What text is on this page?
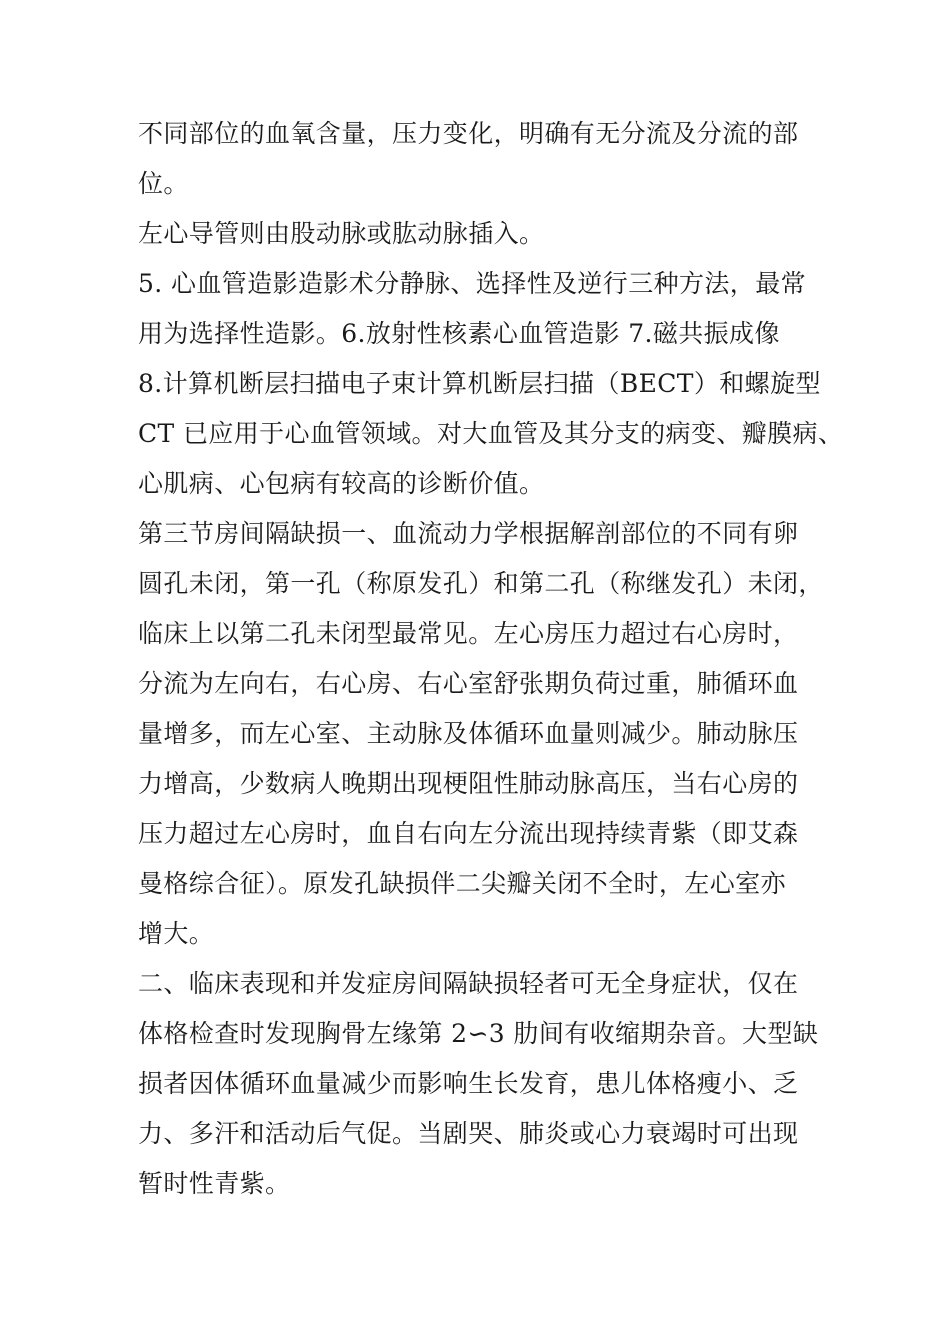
不同部位的血氧含量，压力变化，明确有无分流及分流的部
位。
左心导管则由股动脉或肱动脉插入。
5. 心血管造影造影术分静脉、选择性及逆行三种方法，最常
用为选择性造影。6.放射性核素心血管造影 7.磁共振成像
8.计算机断层扫描电子束计算机断层扫描（BECT）和螺旋型
CT 已应用于心血管领域。对大血管及其分支的病变、瓣膜病、
心肌病、心包病有较高的诊断价值。
第三节房间隔缺损一、血流动力学根据解剖部位的不同有卵
圆孔未闭，第一孔（称原发孔）和第二孔（称继发孔）未闭，
临床上以第二孔未闭型最常见。左心房压力超过右心房时，
分流为左向右，右心房、右心室舒张期负荷过重，肺循环血
量增多，而左心室、主动脉及体循环血量则减少。肺动脉压
力增高，少数病人晚期出现梗阻性肺动脉高压，当右心房的
压力超过左心房时，血自右向左分流出现持续青紫（即艾森
曼格综合征）。原发孔缺损伴二尖瓣关闭不全时，左心室亦
增大。
二、临床表现和并发症房间隔缺损轻者可无全身症状，仅在
体格检查时发现胸骨左缘第 2∽3 肋间有收缩期杂音。大型缺
损者因体循环血量减少而影响生长发育，患儿体格瘦小、乏
力、多汗和活动后气促。当剧哭、肺炎或心力衰竭时可出现
暂时性青紫。
